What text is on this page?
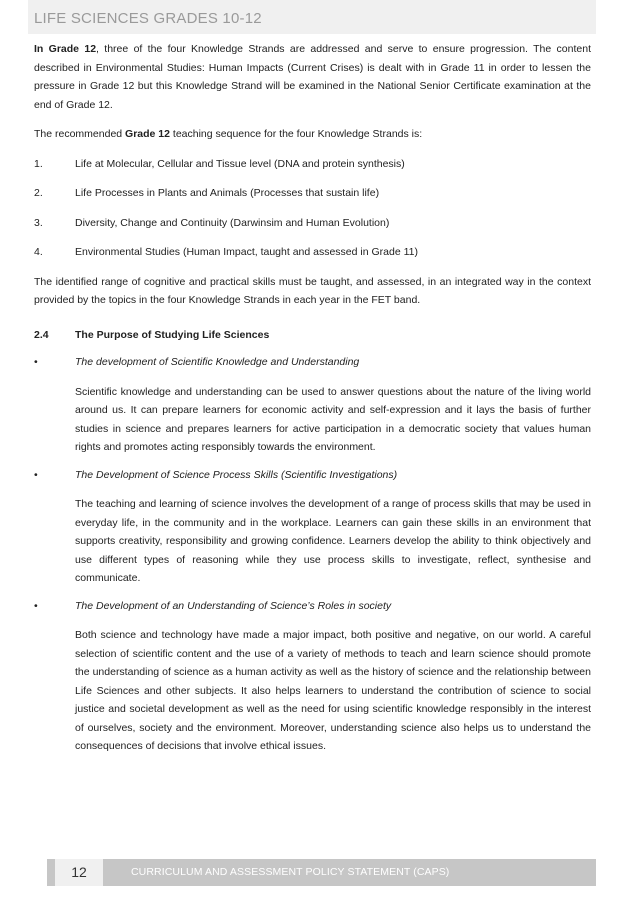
LIFE SCIENCES GRADES 10-12

In Grade 12, three of the four Knowledge Strands are addressed and serve to ensure progression. The content described in Environmental Studies: Human Impacts (Current Crises) is dealt with in Grade 11 in order to lessen the pressure in Grade 12 but this Knowledge Strand will be examined in the National Senior Certificate examination at the end of Grade 12.

The recommended Grade 12 teaching sequence for the four Knowledge Strands is:

1.	Life at Molecular, Cellular and Tissue level (DNA and protein synthesis)
2.	Life Processes in Plants and Animals (Processes that sustain life)
3.	Diversity, Change and Continuity (Darwinsim and Human Evolution)
4.	Environmental Studies (Human Impact, taught and assessed in Grade 11)

The identified range of cognitive and practical skills must be taught, and assessed, in an integrated way in the context provided by the topics in the four Knowledge Strands in each year in the FET band.

2.4	The Purpose of Studying Life Sciences
•	The development of Scientific Knowledge and Understanding

Scientific knowledge and understanding can be used to answer questions about the nature of the living world around us. It can prepare learners for economic activity and self-expression and it lays the basis of further studies in science and prepares learners for active participation in a democratic society that values human rights and promotes acting responsibly towards the environment.

•	The Development of Science Process Skills (Scientific Investigations)

The teaching and learning of science involves the development of a range of process skills that may be used in everyday life, in the community and in the workplace. Learners can gain these skills in an environment that supports creativity, responsibility and growing confidence. Learners develop the ability to think objectively and use different types of reasoning while they use process skills to investigate, reflect, synthesise and communicate.

•	The Development of an Understanding of Science’s Roles in society

Both science and technology have made a major impact, both positive and negative, on our world. A careful selection of scientific content and the use of a variety of methods to teach and learn science should promote the understanding of science as a human activity as well as the history of science and the relationship between Life Sciences and other subjects. It also helps learners to understand the contribution of science to social justice and societal development as well as the need for using scientific knowledge responsibly in the interest of ourselves, society and the environment. Moreover, understanding science also helps us to understand the consequences of decisions that involve ethical issues.

12	CURRICULUM AND ASSESSMENT POLICY STATEMENT (CAPS)
